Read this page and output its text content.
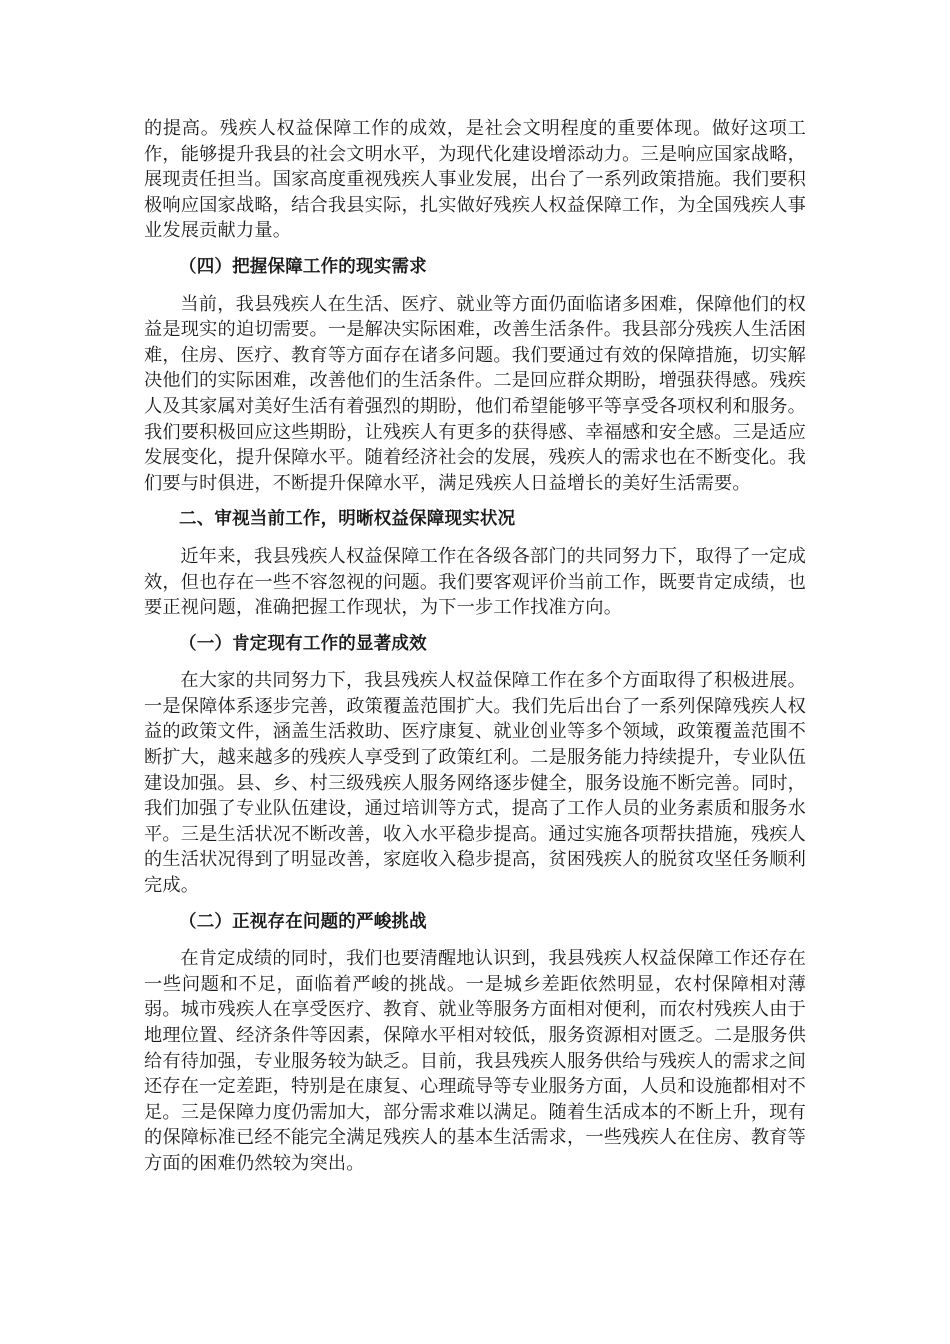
的提高。残疾人权益保障工作的成效，是社会文明程度的重要体现。做好这项工作，能够提升我县的社会文明水平，为现代化建设增添动力。三是响应国家战略，展现责任担当。国家高度重视残疾人事业发展，出台了一系列政策措施。我们要积极响应国家战略，结合我县实际，扎实做好残疾人权益保障工作，为全国残疾人事业发展贡献力量。

（四）把握保障工作的现实需求

当前，我县残疾人在生活、医疗、就业等方面仍面临诸多困难，保障他们的权益是现实的迫切需要。一是解决实际困难，改善生活条件。我县部分残疾人生活困难，住房、医疗、教育等方面存在诸多问题。我们要通过有效的保障措施，切实解决他们的实际困难，改善他们的生活条件。二是回应群众期盼，增强获得感。残疾人及其家属对美好生活有着强烈的期盼，他们希望能够平等享受各项权利和服务。我们要积极回应这些期盼，让残疾人有更多的获得感、幸福感和安全感。三是适应发展变化，提升保障水平。随着经济社会的发展，残疾人的需求也在不断变化。我们要与时俱进，不断提升保障水平，满足残疾人日益增长的美好生活需要。

二、审视当前工作，明晰权益保障现实状况

近年来，我县残疾人权益保障工作在各级各部门的共同努力下，取得了一定成效，但也存在一些不容忽视的问题。我们要客观评价当前工作，既要肯定成绩，也要正视问题，准确把握工作现状，为下一步工作找准方向。

（一）肯定现有工作的显著成效

在大家的共同努力下，我县残疾人权益保障工作在多个方面取得了积极进展。一是保障体系逐步完善，政策覆盖范围扩大。我们先后出台了一系列保障残疾人权益的政策文件，涵盖生活救助、医疗康复、就业创业等多个领域，政策覆盖范围不断扩大，越来越多的残疾人享受到了政策红利。二是服务能力持续提升，专业队伍建设加强。县、乡、村三级残疾人服务网络逐步健全，服务设施不断完善。同时，我们加强了专业队伍建设，通过培训等方式，提高了工作人员的业务素质和服务水平。三是生活状况不断改善，收入水平稳步提高。通过实施各项帮扶措施，残疾人的生活状况得到了明显改善，家庭收入稳步提高，贫困残疾人的脱贫攻坚任务顺利完成。

（二）正视存在问题的严峻挑战

在肯定成绩的同时，我们也要清醒地认识到，我县残疾人权益保障工作还存在一些问题和不足，面临着严峻的挑战。一是城乡差距依然明显，农村保障相对薄弱。城市残疾人在享受医疗、教育、就业等服务方面相对便利，而农村残疾人由于地理位置、经济条件等因素，保障水平相对较低，服务资源相对匮乏。二是服务供给有待加强，专业服务较为缺乏。目前，我县残疾人服务供给与残疾人的需求之间还存在一定差距，特别是在康复、心理疏导等专业服务方面，人员和设施都相对不足。三是保障力度仍需加大，部分需求难以满足。随着生活成本的不断上升，现有的保障标准已经不能完全满足残疾人的基本生活需求，一些残疾人在住房、教育等方面的困难仍然较为突出。
